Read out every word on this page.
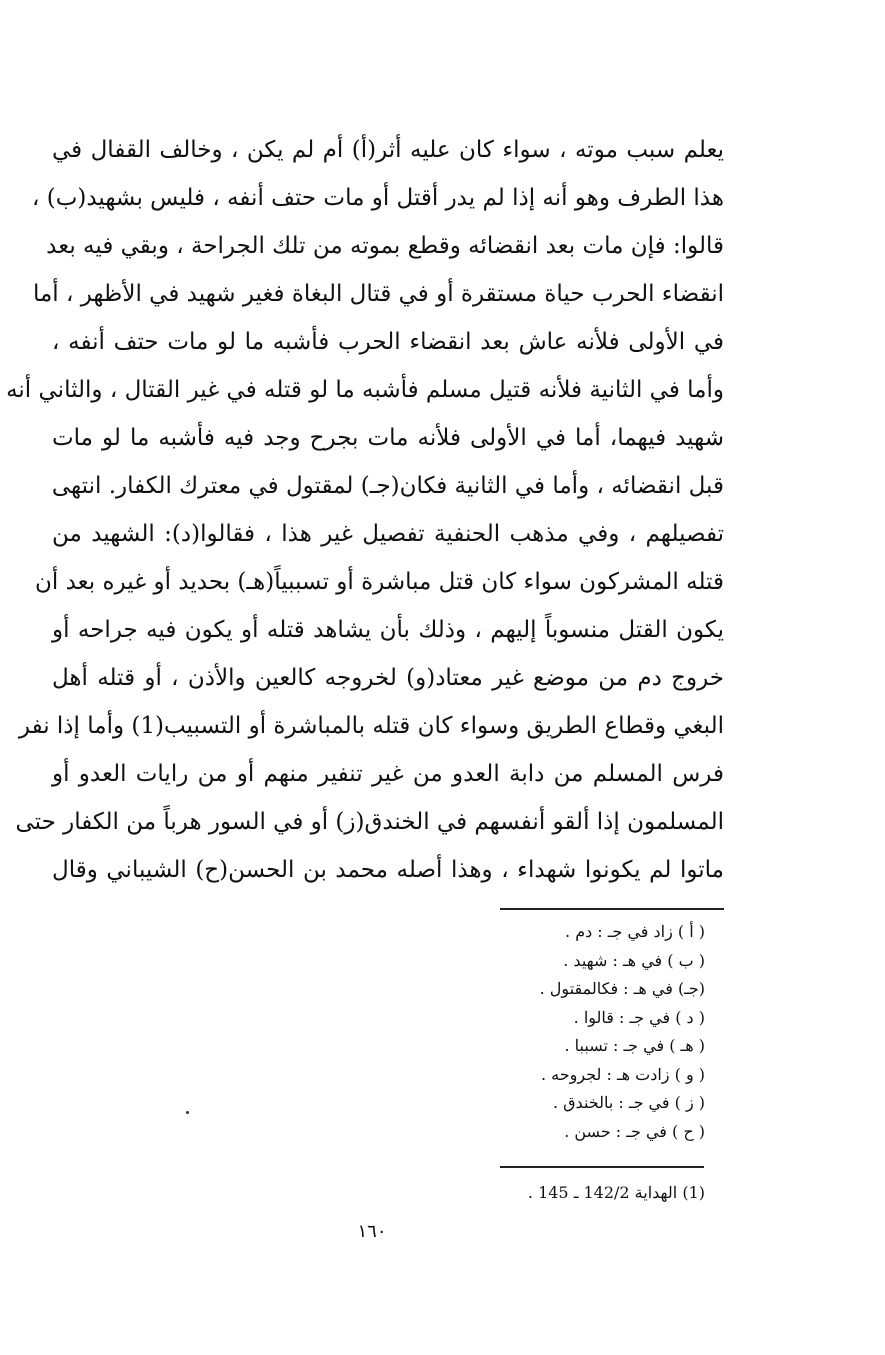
يعلم سبب موته ، سواء كان عليه أثر(أ) أم لم يكن ، وخالف القفال في
هذا الطرف وهو أنه إذا لم يدر أقتل أو مات حتف أنفه ، فليس بشهيد(ب) ،
قالوا: فإن مات بعد انقضائه وقطع بموته من تلك الجراحة ، وبقي فيه بعد
انقضاء الحرب حياة مستقرة أو في قتال البغاة فغير شهيد في الأظهر ، أما
في الأولى فلأنه عاش بعد انقضاء الحرب فأشبه ما لو مات حتف أنفه ،
وأما في الثانية فلأنه قتيل مسلم فأشبه ما لو قتله في غير القتال ، والثاني أنه
شهيد فيهما، أما في الأولى فلأنه مات بجرح وجد فيه فأشبه ما لو مات
قبل انقضائه ، وأما في الثانية فكان(جـ) لمقتول في معترك الكفار. انتهى
تفصيلهم ، وفي مذهب الحنفية تفصيل غير هذا ، فقالوا(د): الشهيد من
قتله المشركون سواء كان قتل مباشرة أو تسببياً(هـ) بحديد أو غيره بعد أن
يكون القتل منسوباً إليهم ، وذلك بأن يشاهد قتله أو يكون فيه جراحه أو
خروج دم من موضع غير معتاد(و) لخروجه كالعين والأذن ، أو قتله أهل
البغي وقطاع الطريق وسواء كان قتله بالمباشرة أو التسبيب(1) وأما إذا نفر
فرس المسلم من دابة العدو من غير تنفير منهم أو من رايات العدو أو
المسلمون إذا ألقو أنفسهم في الخندق(ز) أو في السور هرباً من الكفار حتى
ماتوا لم يكونوا شهداء ، وهذا أصله محمد بن الحسن(ح) الشيباني وقال
( أ ) زاد في جـ : دم .
( ب ) في هـ : شهيد .
(جـ) في هـ : فكالمقتول .
( د ) في جـ : قالوا .
( هـ ) في جـ : تسببا .
( و ) زادت هـ : لجروحه .
( ز ) في جـ : بالخندق .
( ح ) في جـ : حسن .
(1) الهداية 142/2 ـ 145 .
١٦٠
